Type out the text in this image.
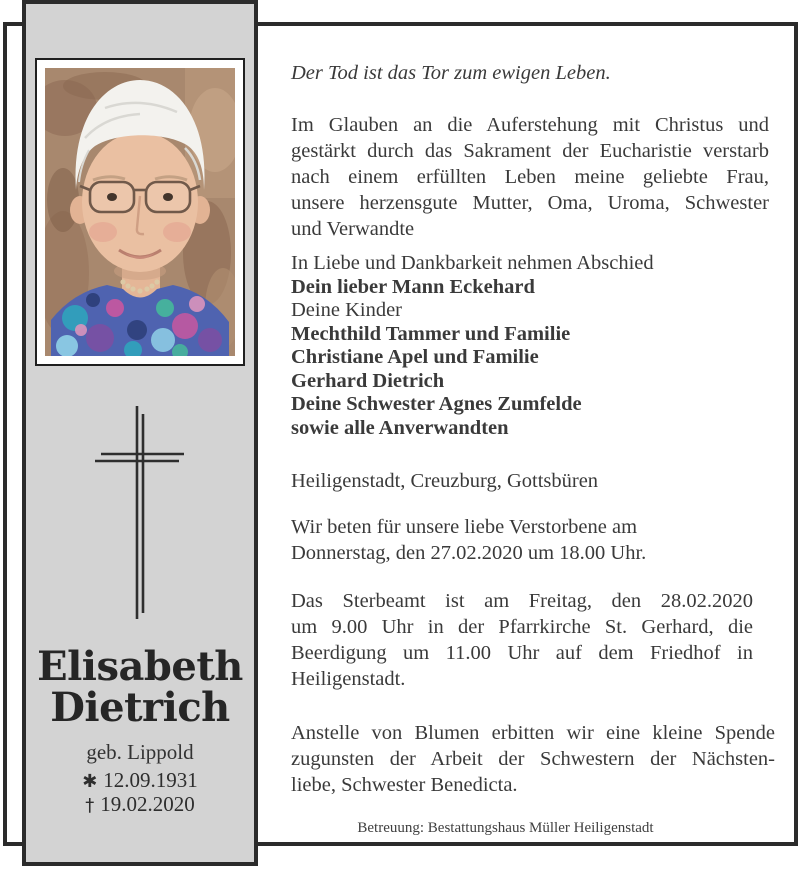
Elisabeth
Dietrich
geb. Lippold
✱ 12.09.1931
† 19.02.2020
Der Tod ist das Tor zum ewigen Leben.
Im Glauben an die Auferstehung mit Christus und
gestärkt durch das Sakrament der Eucharistie verstarb
nach einem erfüllten Leben meine geliebte Frau,
unsere herzensgute Mutter, Oma, Uroma, Schwester
und Verwandte
In Liebe und Dankbarkeit nehmen Abschied
Dein lieber Mann Eckehard
Deine Kinder
Mechthild Tammer und Familie
Christiane Apel und Familie
Gerhard Dietrich
Deine Schwester Agnes Zumfelde
sowie alle Anverwandten
Heiligenstadt, Creuzburg, Gottsbüren
Wir beten für unsere liebe Verstorbene am
Donnerstag, den 27.02.2020 um 18.00 Uhr.
Das Sterbeamt ist am Freitag, den 28.02.2020
um 9.00 Uhr in der Pfarrkirche St. Gerhard, die
Beerdigung um 11.00 Uhr auf dem Friedhof in
Heiligenstadt.
Anstelle von Blumen erbitten wir eine kleine Spende
zugunsten der Arbeit der Schwestern der Nächsten-
liebe, Schwester Benedicta.
Betreuung: Bestattungshaus Müller Heiligenstadt
